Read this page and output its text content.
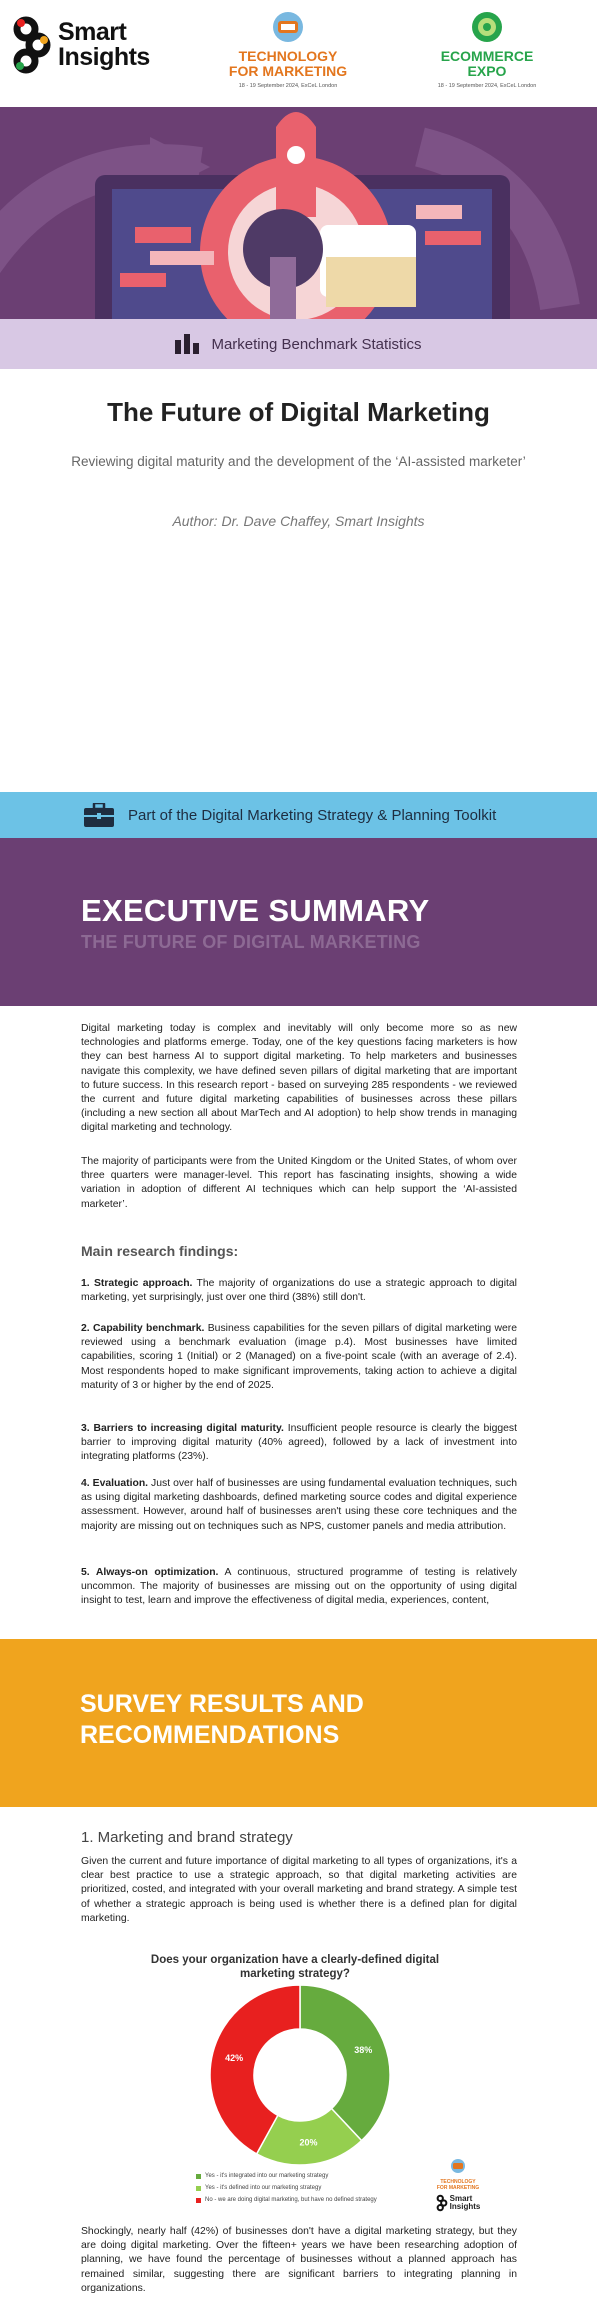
Smart
Insights	TECHNOLOGY
FOR MARKETING
18 - 19 September 2024, ExCeL London
ECOMMERCE
EXPO
18 - 19 September 2024, ExCeL London
Marketing Benchmark Statistics
The Future of Digital Marketing

Reviewing digital maturity and the development of the ‘AI-assisted marketer’

Author: Dr. Dave Chaffey, Smart Insights

Part of the Digital Marketing Strategy & Planning Toolkit
EXECUTIVE SUMMARY
THE FUTURE OF DIGITAL MARKETING

Digital marketing today is complex and inevitably will only become more so as new technologies and platforms emerge. Today, one of the key questions facing marketers is how they can best harness AI to support digital marketing. To help marketers and businesses navigate this complexity, we have defined seven pillars of digital marketing that are important to future success. In this research report - based on surveying 285 respondents - we reviewed the current and future digital marketing capabilities of businesses across these pillars (including a new section all about MarTech and AI adoption) to help show trends in managing digital marketing and technology.

The majority of participants were from the United Kingdom or the United States, of whom over three quarters were manager-level. This report has fascinating insights, showing a wide variation in adoption of different AI techniques which can help support the ‘AI-assisted marketer’.

Main research findings:

1. Strategic approach. The majority of organizations do use a strategic approach to digital marketing, yet surprisingly, just over one third (38%) still don't.

2. Capability benchmark. Business capabilities for the seven pillars of digital marketing were reviewed using a benchmark evaluation (image p.4). Most businesses have limited capabilities, scoring 1 (Initial) or 2 (Managed) on a five-point scale (with an average of 2.4). Most respondents hoped to make significant improvements, taking action to achieve a digital maturity of 3 or higher by the end of 2025.

3. Barriers to increasing digital maturity. Insufficient people resource is clearly the biggest barrier to improving digital maturity (40% agreed), followed by a lack of investment into integrating platforms (23%).

4. Evaluation. Just over half of businesses are using fundamental evaluation techniques, such as using digital marketing dashboards, defined marketing source codes and digital experience assessment. However, around half of businesses aren't using these core techniques and the majority are missing out on techniques such as NPS, customer panels and media attribution.

5. Always-on optimization. A continuous, structured programme of testing is relatively uncommon. The majority of businesses are missing out on the opportunity of using digital insight to test, learn and improve the effectiveness of digital media, experiences, content,

SURVEY RESULTS AND
RECOMMENDATIONS
1. Marketing and brand strategy

Given the current and future importance of digital marketing to all types of organizations, it's a clear best practice to use a strategic approach, so that digital marketing activities are prioritized, costed, and integrated with your overall marketing and brand strategy. A simple test of whether a strategic approach is being used is whether there is a defined plan for digital marketing.

Does your organization have a clearly-defined digital marketing strategy?
38%
20%
42%
Yes - it's integrated into our marketing strategy
Yes - it's defined into our marketing strategy
No - we are doing digital marketing, but have no defined strategy
TECHNOLOGY
FOR MARKETING
Smart
Insights

Shockingly, nearly half (42%) of businesses don't have a digital marketing strategy, but they are doing digital marketing. Over the fifteen+ years we have been researching adoption of planning, we have found the percentage of businesses without a planned approach has remained similar, suggesting there are significant barriers to integrating planning in organizations.
